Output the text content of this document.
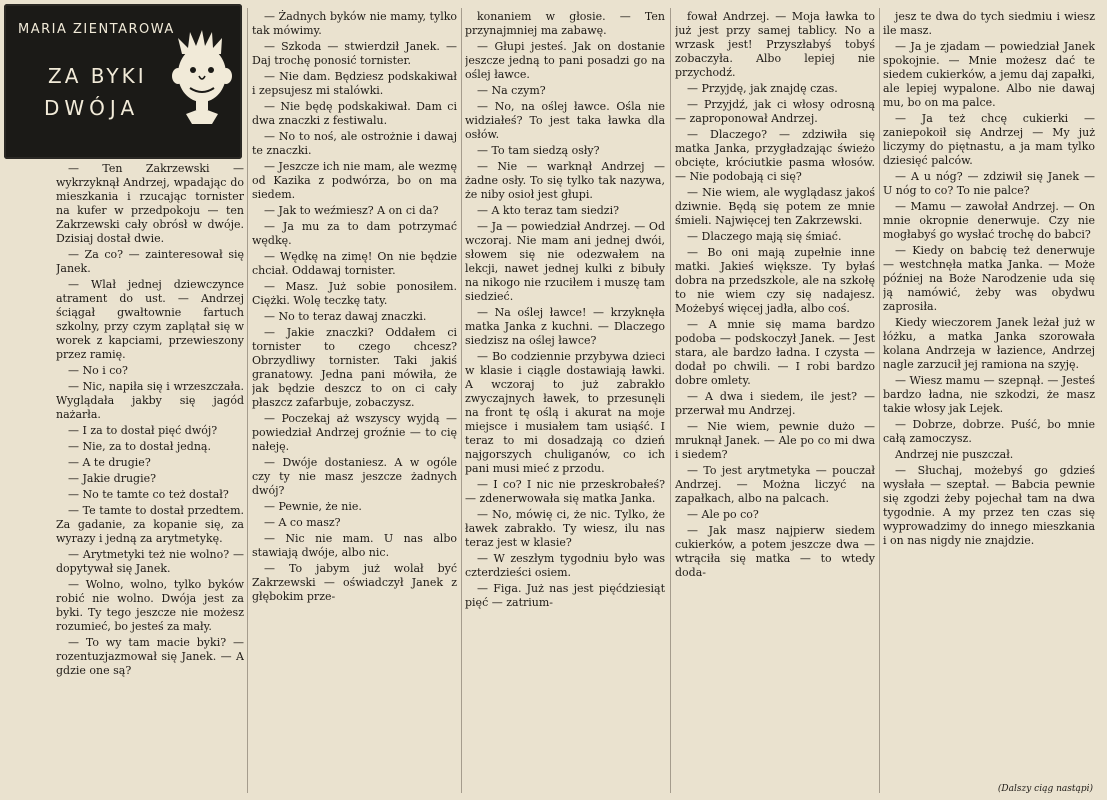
MARIA ZIENTAROWA
ZA BYKI
DWÓJA

— Ten Zakrzewski — wykrzyknął Andrzej, wpadając do mieszkania i rzucając tornister na kufer w przedpokoju — ten Zakrzewski cały obrósł w dwóje. Dzisiaj dostał dwie.

— Za co? — zainteresował się Janek.

— Wlał jednej dziewczynce atrament do ust. — Andrzej ściągał gwałtownie fartuch szkolny, przy czym zaplątał się w worek z kapciami, przewieszony przez ramię.

— No i co?

— Nic, napiła się i wrzeszczała. Wyglądała jakby się jagód nażarła.

— I za to dostał pięć dwój?

— Nie, za to dostał jedną.

— A te drugie?

— Jakie drugie?

— No te tamte co też dostał?

— Te tamte to dostał przedtem. Za gadanie, za kopanie się, za wyrazy i jedną za arytmetykę.

— Arytmetyki też nie wolno? — dopytywał się Janek.

— Wolno, wolno, tylko byków robić nie wolno. Dwója jest za byki. Ty tego jeszcze nie możesz rozumieć, bo jesteś za mały.

— To wy tam macie byki? — rozentuzjazmował się Janek. — A gdzie one są?

— Żadnych byków nie mamy, tylko tak mówimy.

— Szkoda — stwierdził Janek. — Daj trochę ponosić tornister.

— Nie dam. Będziesz podskakiwał i zepsujesz mi stalówki.

— Nie będę podskakiwał. Dam ci dwa znaczki z festiwalu.

— No to noś, ale ostrożnie i dawaj te znaczki.

— Jeszcze ich nie mam, ale wezmę od Kazika z podwórza, bo on ma siedem.

— Jak to weźmiesz? A on ci da?

— Ja mu za to dam potrzymać wędkę.

— Wędkę na zimę! On nie będzie chciał. Oddawaj tornister.

— Masz. Już sobie ponosiłem. Ciężki. Wolę teczkę taty.

— No to teraz dawaj znaczki.

— Jakie znaczki? Oddałem ci tornister to czego chcesz? Obrzydliwy tornister. Taki jakiś granatowy. Jedna pani mówiła, że jak będzie deszcz to on ci cały płaszcz zafarbuje, zobaczysz.

— Poczekaj aż wszyscy wyjdą — powiedział Andrzej groźnie — to cię nałeję.

— Dwóje dostaniesz. A w ogóle czy ty nie masz jeszcze żadnych dwój?

— Pewnie, że nie.

— A co masz?

— Nic nie mam. U nas albo stawiają dwóje, albo nic.

— To jabym już wolał być Zakrzewski — oświadczył Janek z głębokim prze-

konaniem w głosie. — Ten przynajmniej ma zabawę.

— Głupi jesteś. Jak on dostanie jeszcze jedną to pani posadzi go na oślej ławce.

— Na czym?

— No, na oślej ławce. Ośla nie widziałeś? To jest taka ławka dla osłów.

— To tam siedzą osły?

— Nie — warknął Andrzej — żadne osły. To się tylko tak nazywa, że niby osioł jest głupi.

— A kto teraz tam siedzi?

— Ja — powiedział Andrzej. — Od wczoraj. Nie mam ani jednej dwói, słowem się nie odezwałem na lekcji, nawet jednej kulki z bibuły na nikogo nie rzuciłem i muszę tam siedzieć.

— Na oślej ławce! — krzyknęła matka Janka z kuchni. — Dlaczego siedzisz na oślej ławce?

— Bo codziennie przybywa dzieci w klasie i ciągle dostawiają ławki. A wczoraj to już zabrakło zwyczajnych ławek, to przesunęli na front tę oślą i akurat na moje miejsce i musiałem tam usiąść. I teraz to mi dosadzają co dzień najgorszych chuliganów, co ich pani musi mieć z przodu.

— I co? I nic nie przeskrobałeś? — zdenerwowała się matka Janka.

— No, mówię ci, że nic. Tylko, że ławek zabrakło. Ty wiesz, ilu nas teraz jest w klasie?

— W zeszłym tygodniu było was czterdzieści osiem.

— Figa. Już nas jest pięćdziesiąt pięć — zatrium-

fował Andrzej. — Moja ławka to już jest przy samej tablicy. No a wrzask jest! Przyszłabyś tobyś zobaczyła. Albo lepiej nie przychodź.

— Przyjdę, jak znajdę czas.

— Przyjdź, jak ci włosy odrosną — zaproponował Andrzej.

— Dlaczego? — zdziwiła się matka Janka, przygładzając świeżo obcięte, króciutkie pasma włosów. — Nie podobają ci się?

— Nie wiem, ale wyglądasz jakoś dziwnie. Będą się potem ze mnie śmieli. Najwięcej ten Zakrzewski.

— Dlaczego mają się śmiać.

— Bo oni mają zupełnie inne matki. Jakieś większe. Ty byłaś dobra na przedszkole, ale na szkołę to nie wiem czy się nadajesz. Możebyś więcej jadła, albo coś.

— A mnie się mama bardzo podoba — podskoczył Janek. — Jest stara, ale bardzo ładna. I czysta — dodał po chwili. — I robi bardzo dobre omlety.

— A dwa i siedem, ile jest? — przerwał mu Andrzej.

— Nie wiem, pewnie dużo — mruknął Janek. — Ale po co mi dwa i siedem?

— To jest arytmetyka — pouczał Andrzej. — Można liczyć na zapałkach, albo na palcach.

— Ale po co?

— Jak masz najpierw siedem cukierków, a potem jeszcze dwa — wtrąciła się matka — to wtedy doda-

jesz te dwa do tych siedmiu i wiesz ile masz.

— Ja je zjadam — powiedział Janek spokojnie. — Mnie możesz dać te siedem cukierków, a jemu daj zapałki, ale lepiej wypalone. Albo nie dawaj mu, bo on ma palce.

— Ja też chcę cukierki — zaniepokoił się Andrzej — My już liczymy do piętnastu, a ja mam tylko dziesięć palców.

— A u nóg? — zdziwił się Janek — U nóg to co? To nie palce?

— Mamu — zawołał Andrzej. — On mnie okropnie denerwuje. Czy nie mogłabyś go wysłać trochę do babci?

— Kiedy on babcię też denerwuje — westchnęła matka Janka. — Może później na Boże Narodzenie uda się ją namówić, żeby was obydwu zaprosiła.

Kiedy wieczorem Janek leżał już w łóżku, a matka Janka szorowała kolana Andrzeja w łazience, Andrzej nagle zarzucił jej ramiona na szyję.

— Wiesz mamu — szepnął. — Jesteś bardzo ładna, nie szkodzi, że masz takie włosy jak Lejek.

— Dobrze, dobrze. Puść, bo mnie całą zamoczysz.

Andrzej nie puszczał.

— Słuchaj, możebyś go gdzieś wysłała — szeptał. — Babcia pewnie się zgodzi żeby pojechał tam na dwa tygodnie. A my przez ten czas się wyprowadzimy do innego mieszkania i on nas nigdy nie znajdzie.

(Dalszy ciąg nastąpi)
